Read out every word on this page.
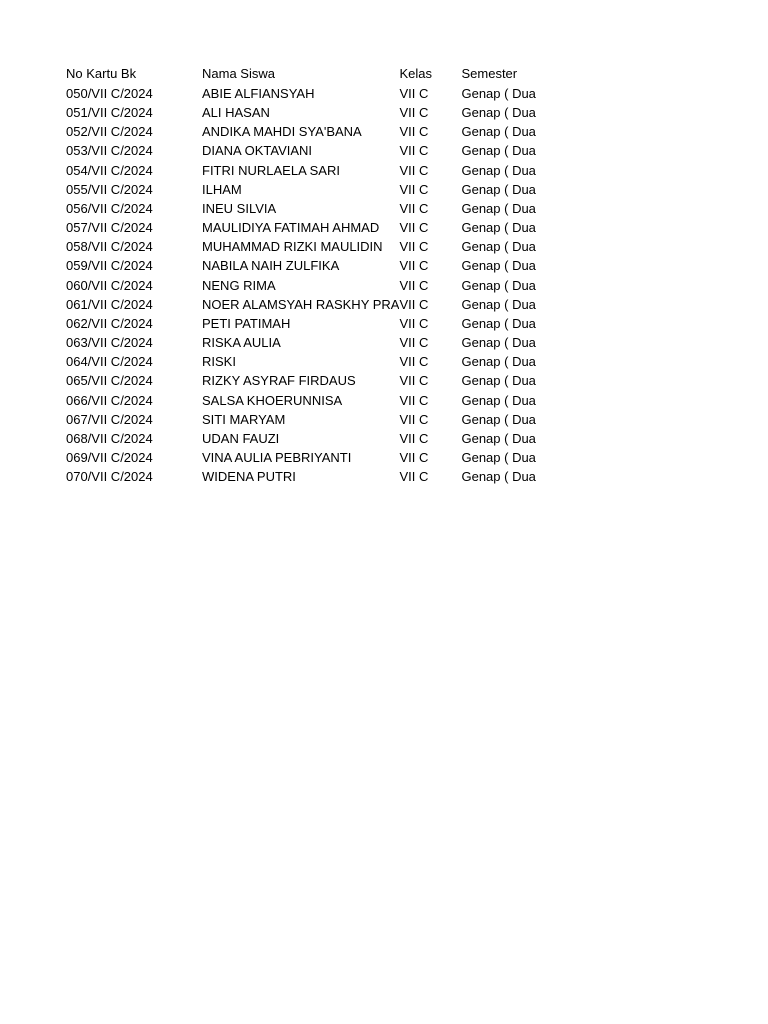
No Kartu Bk	Nama Siswa	Kelas	Semester
050/VII C/2024	ABIE ALFIANSYAH	VII C	Genap ( Dua
051/VII C/2024	ALI HASAN	VII C	Genap ( Dua
052/VII C/2024	ANDIKA MAHDI SYA'BANA	VII C	Genap ( Dua
053/VII C/2024	DIANA OKTAVIANI	VII C	Genap ( Dua
054/VII C/2024	FITRI NURLAELA SARI	VII C	Genap ( Dua
055/VII C/2024	ILHAM	VII C	Genap ( Dua
056/VII C/2024	INEU SILVIA	VII C	Genap ( Dua
057/VII C/2024	MAULIDIYA FATIMAH AHMAD	VII C	Genap ( Dua
058/VII C/2024	MUHAMMAD RIZKI MAULIDIN	VII C	Genap ( Dua
059/VII C/2024	NABILA NAIH ZULFIKA	VII C	Genap ( Dua
060/VII C/2024	NENG RIMA	VII C	Genap ( Dua
061/VII C/2024	NOER ALAMSYAH RASKHY PRA	VII C	Genap ( Dua
062/VII C/2024	PETI PATIMAH	VII C	Genap ( Dua
063/VII C/2024	RISKA AULIA	VII C	Genap ( Dua
064/VII C/2024	RISKI	VII C	Genap ( Dua
065/VII C/2024	RIZKY ASYRAF FIRDAUS	VII C	Genap ( Dua
066/VII C/2024	SALSA KHOERUNNISA	VII C	Genap ( Dua
067/VII C/2024	SITI MARYAM	VII C	Genap ( Dua
068/VII C/2024	UDAN FAUZI	VII C	Genap ( Dua
069/VII C/2024	VINA AULIA PEBRIYANTI	VII C	Genap ( Dua
070/VII C/2024	WIDENA PUTRI	VII C	Genap ( Dua
